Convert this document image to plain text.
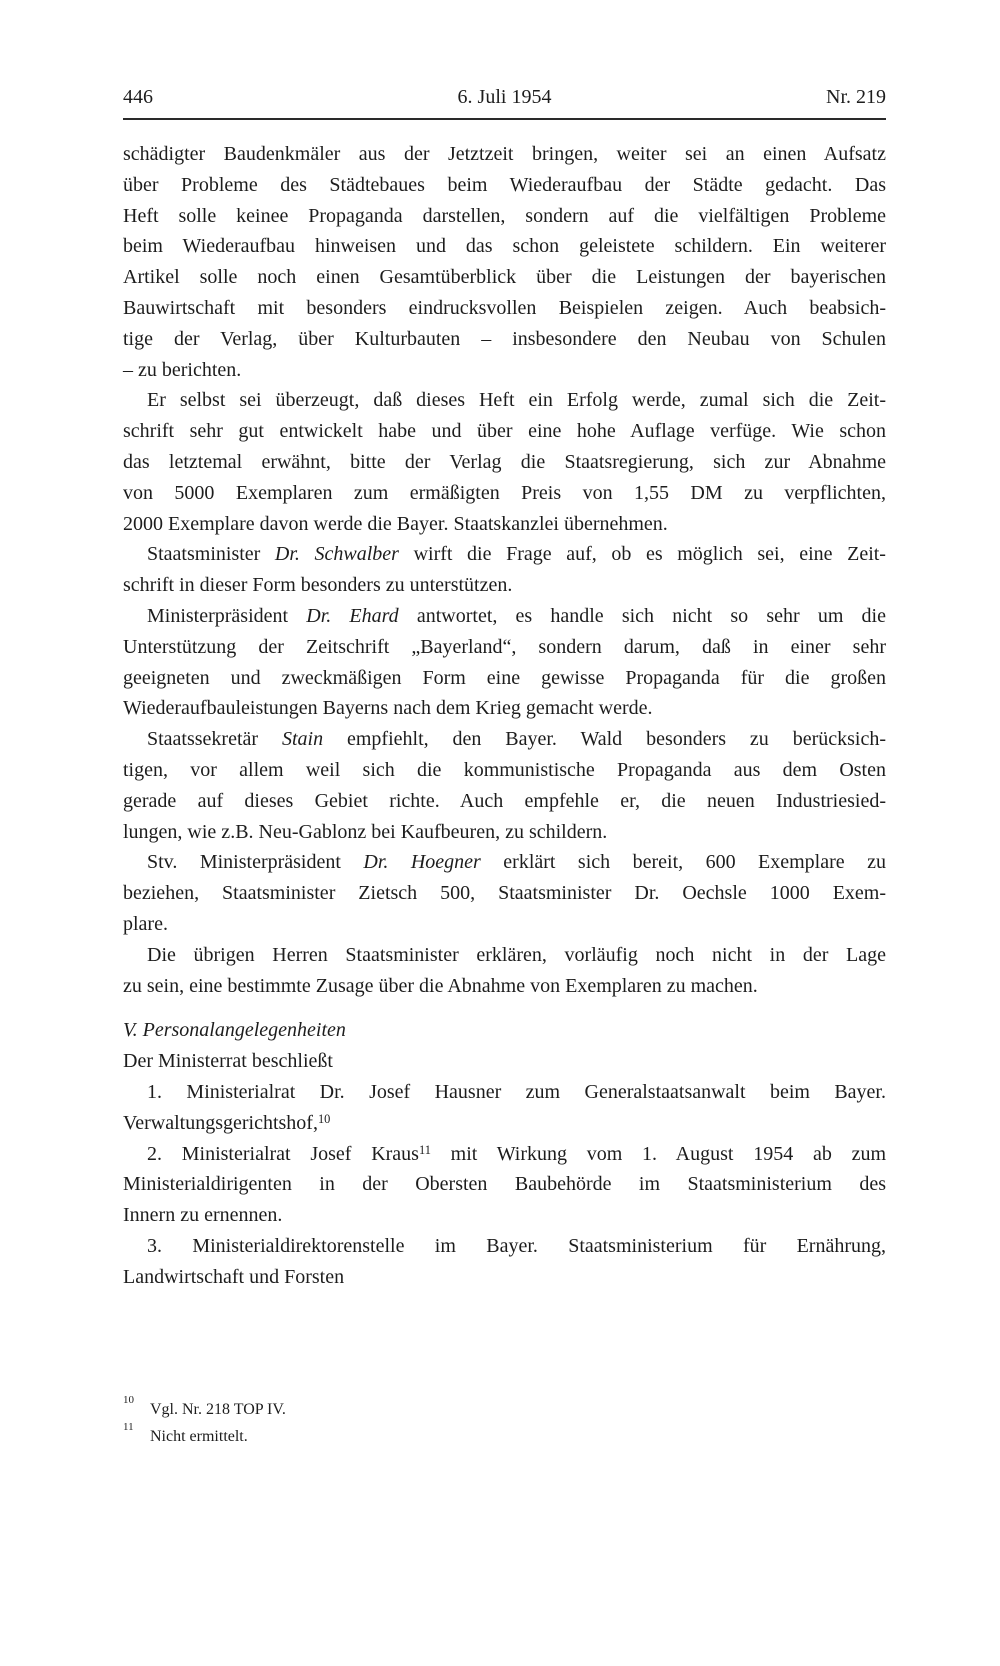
446	6. Juli 1954	Nr. 219

schädigter Baudenkmäler aus der Jetztzeit bringen, weiter sei an einen Aufsatz
über Probleme des Städtebaues beim Wiederaufbau der Städte gedacht. Das
Heft solle keinee Propaganda darstellen, sondern auf die vielfältigen Probleme
beim Wiederaufbau hinweisen und das schon geleistete schildern. Ein weiterer
Artikel solle noch einen Gesamtüberblick über die Leistungen der bayerischen
Bauwirtschaft mit besonders eindrucksvollen Beispielen zeigen. Auch beabsich-
tige der Verlag, über Kulturbauten – insbesondere den Neubau von Schulen
– zu berichten.

Er selbst sei überzeugt, daß dieses Heft ein Erfolg werde, zumal sich die Zeit-
schrift sehr gut entwickelt habe und über eine hohe Auflage verfüge. Wie schon
das letztemal erwähnt, bitte der Verlag die Staatsregierung, sich zur Abnahme
von 5000 Exemplaren zum ermäßigten Preis von 1,55 DM zu verpflichten,
2000 Exemplare davon werde die Bayer. Staatskanzlei übernehmen.

Staatsminister Dr. Schwalber wirft die Frage auf, ob es möglich sei, eine Zeit-
schrift in dieser Form besonders zu unterstützen.

Ministerpräsident Dr. Ehard antwortet, es handle sich nicht so sehr um die
Unterstützung der Zeitschrift „Bayerland“, sondern darum, daß in einer sehr
geeigneten und zweckmäßigen Form eine gewisse Propaganda für die großen
Wiederaufbauleistungen Bayerns nach dem Krieg gemacht werde.

Staatssekretär Stain empfiehlt, den Bayer. Wald besonders zu berücksich-
tigen, vor allem weil sich die kommunistische Propaganda aus dem Osten
gerade auf dieses Gebiet richte. Auch empfehle er, die neuen Industriesied-
lungen, wie z.B. Neu-Gablonz bei Kaufbeuren, zu schildern.

Stv. Ministerpräsident Dr. Hoegner erklärt sich bereit, 600 Exemplare zu
beziehen, Staatsminister Zietsch 500, Staatsminister Dr. Oechsle 1000 Exem-
plare.

Die übrigen Herren Staatsminister erklären, vorläufig noch nicht in der Lage
zu sein, eine bestimmte Zusage über die Abnahme von Exemplaren zu machen.

V. Personalangelegenheiten

Der Ministerrat beschließt

1. Ministerialrat Dr. Josef Hausner zum Generalstaatsanwalt beim Bayer.
Verwaltungsgerichtshof,$^{10}$

2. Ministerialrat Josef Kraus$^{11}$ mit Wirkung vom 1. August 1954 ab zum
Ministerialdirigenten in der Obersten Baubehörde im Staatsministerium des
Innern zu ernennen.

3. Ministerialdirektorenstelle im Bayer. Staatsministerium für Ernährung,
Landwirtschaft und Forsten

$^{10}$
Vgl. Nr. 218 TOP IV.
$^{11}$
Nicht ermittelt.
